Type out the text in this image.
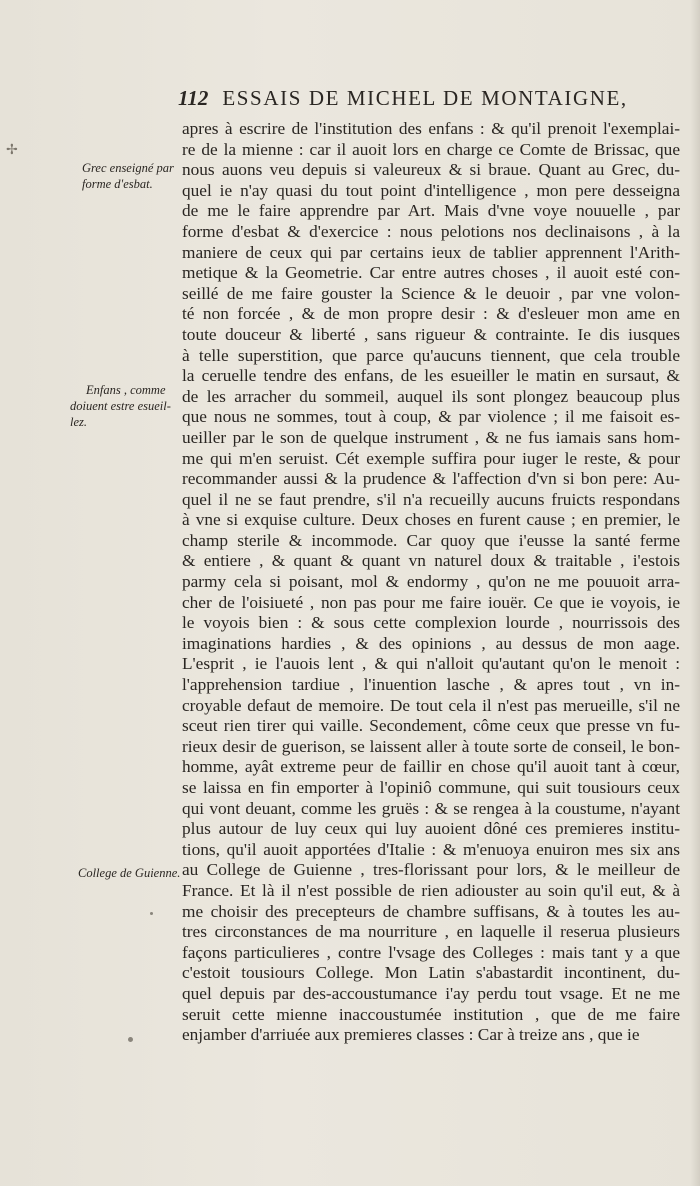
✢
112 ESSAIS DE MICHEL DE MONTAIGNE,
Grec enseigné par
forme d'esbat.
Enfans , comme
doiuent estre esueil-
lez.
College de Guienne.
apres à escrire de l'institution des enfans : & qu'il prenoit l'exemplai-
re de la mienne : car il auoit lors en charge ce Comte de Brissac, que
nous auons veu depuis si valeureux & si braue. Quant au Grec, du-
quel ie n'ay quasi du tout point d'intelligence , mon pere desseigna
de me le faire apprendre par Art. Mais d'vne voye nouuelle , par
forme d'esbat & d'exercice : nous pelotions nos declinaisons , à la
maniere de ceux qui par certains ieux de tablier apprennent l'Arith-
metique & la Geometrie. Car entre autres choses , il auoit esté con-
seillé de me faire gouster la Science & le deuoir , par vne volon-
té non forcée , & de mon propre desir : & d'esleuer mon ame en
toute douceur & liberté , sans rigueur & contrainte. Ie dis iusques
à telle superstition, que parce qu'aucuns tiennent, que cela trouble
la ceruelle tendre des enfans, de les esueiller le matin en sursaut, &
de les arracher du sommeil, auquel ils sont plongez beaucoup plus
que nous ne sommes, tout à coup, & par violence ; il me faisoit es-
ueiller par le son de quelque instrument , & ne fus iamais sans hom-
me qui m'en seruist. Cét exemple suffira pour iuger le reste, & pour
recommander aussi & la prudence & l'affection d'vn si bon pere: Au-
quel il ne se faut prendre, s'il n'a recueilly aucuns fruicts respondans
à vne si exquise culture. Deux choses en furent cause ; en premier, le
champ sterile & incommode. Car quoy que i'eusse la santé ferme
& entiere , & quant & quant vn naturel doux & traitable , i'estois
parmy cela si poisant, mol & endormy , qu'on ne me pouuoit arra-
cher de l'oisiueté , non pas pour me faire iouër. Ce que ie voyois, ie
le voyois bien : & sous cette complexion lourde , nourrissois des
imaginations hardies , & des opinions , au dessus de mon aage.
L'esprit , ie l'auois lent , & qui n'alloit qu'autant qu'on le menoit :
l'apprehension tardiue , l'inuention lasche , & apres tout , vn in-
croyable defaut de memoire. De tout cela il n'est pas merueille, s'il ne
sceut rien tirer qui vaille. Secondement, côme ceux que presse vn fu-
rieux desir de guerison, se laissent aller à toute sorte de conseil, le bon-
homme, ayât extreme peur de faillir en chose qu'il auoit tant à cœur,
se laissa en fin emporter à l'opiniô commune, qui suit tousiours ceux
qui vont deuant, comme les gruës : & se rengea à la coustume, n'ayant
plus autour de luy ceux qui luy auoient dôné ces premieres institu-
tions, qu'il auoit apportées d'Italie : & m'enuoya enuiron mes six ans
au College de Guienne , tres-florissant pour lors, & le meilleur de
France. Et là il n'est possible de rien adiouster au soin qu'il eut, & à
me choisir des precepteurs de chambre suffisans, & à toutes les au-
tres circonstances de ma nourriture , en laquelle il reserua plusieurs
façons particulieres , contre l'vsage des Colleges : mais tant y a que
c'estoit tousiours College. Mon Latin s'abastardit incontinent, du-
quel depuis par des-accoustumance i'ay perdu tout vsage. Et ne me
seruit cette mienne inaccoustumée institution , que de me faire
enjamber d'arriuée aux premieres classes : Car à treize ans , que ie
